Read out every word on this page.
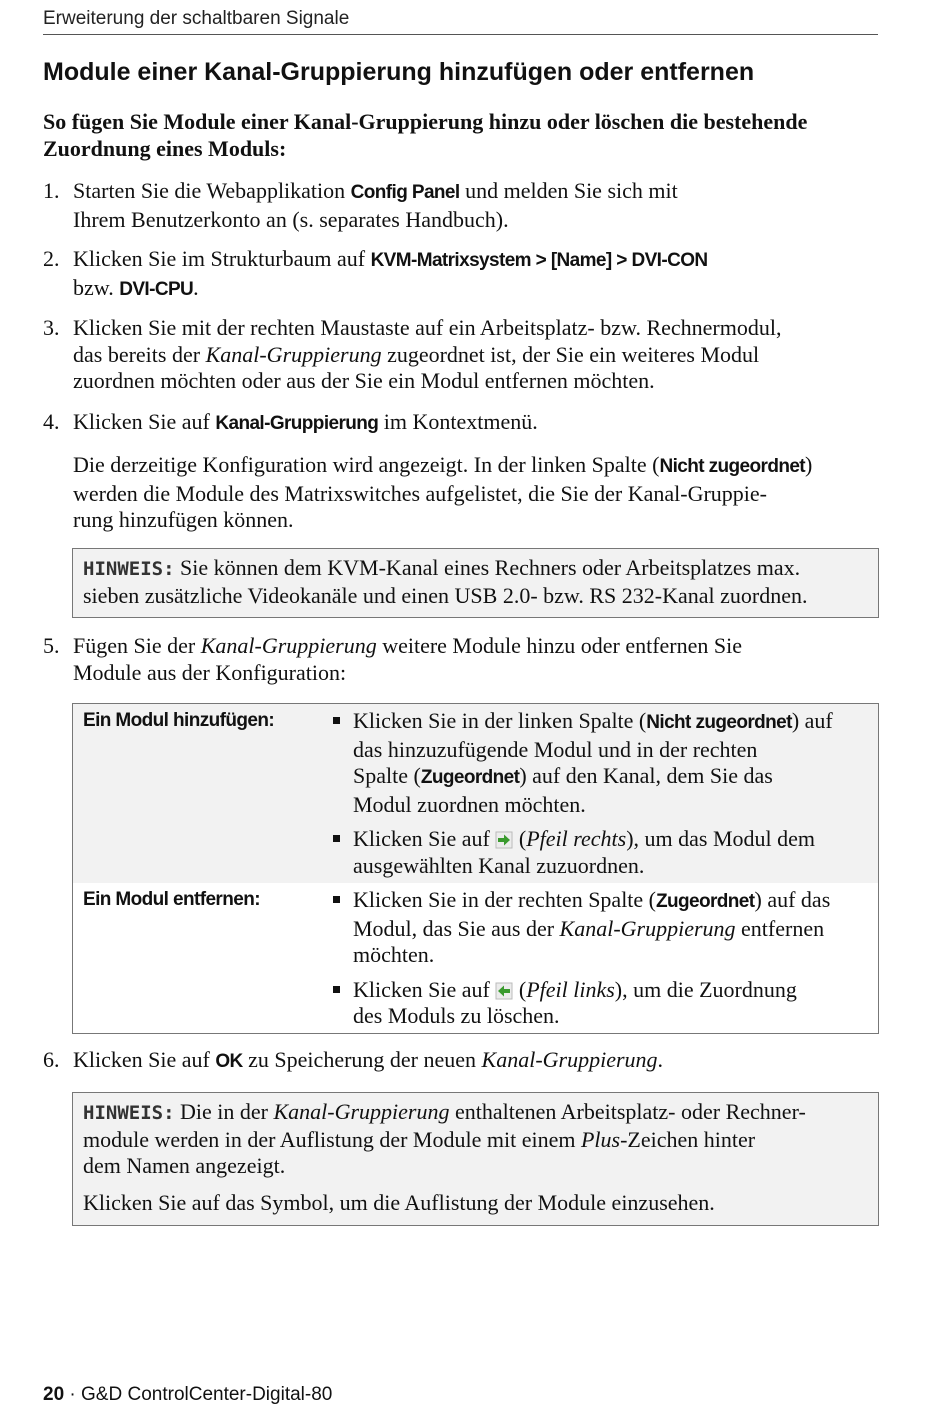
Erweiterung der schaltbaren Signale
Module einer Kanal-Gruppierung hinzufügen oder entfernen
So fügen Sie Module einer Kanal-Gruppierung hinzu oder löschen die bestehende Zuordnung eines Moduls:
1. Starten Sie die Webapplikation Config Panel und melden Sie sich mit
Ihrem Benutzerkonto an (s. separates Handbuch).
2. Klicken Sie im Strukturbaum auf KVM-Matrixsystem > [Name] > DVI-CON
bzw. DVI-CPU.
3. Klicken Sie mit der rechten Maustaste auf ein Arbeitsplatz- bzw. Rechnermodul,
das bereits der Kanal-Gruppierung zugeordnet ist, der Sie ein weiteres Modul
zuordnen möchten oder aus der Sie ein Modul entfernen möchten.
4. Klicken Sie auf Kanal-Gruppierung im Kontextmenü.
Die derzeitige Konfiguration wird angezeigt. In der linken Spalte (Nicht zugeordnet)
werden die Module des Matrixswitches aufgelistet, die Sie der Kanal-Gruppie-
rung hinzufügen können.
HINWEIS: Sie können dem KVM-Kanal eines Rechners oder Arbeitsplatzes max.
sieben zusätzliche Videokanäle und einen USB 2.0- bzw. RS 232-Kanal zuordnen.
5. Fügen Sie der Kanal-Gruppierung weitere Module hinzu oder entfernen Sie
Module aus der Konfiguration:
Ein Modul hinzufügen:	Klicken Sie in der linken Spalte (Nicht zugeordnet) auf
das hinzuzufügende Modul und in der rechten
Spalte (Zugeordnet) auf den Kanal, dem Sie das
Modul zuordnen möchten.
Klicken Sie auf  (Pfeil rechts), um das Modul dem
ausgewählten Kanal zuzuordnen.
Ein Modul entfernen:	Klicken Sie in der rechten Spalte (Zugeordnet) auf das
Modul, das Sie aus der Kanal-Gruppierung entfernen
möchten.
Klicken Sie auf  (Pfeil links), um die Zuordnung
des Moduls zu löschen.
6. Klicken Sie auf OK zu Speicherung der neuen Kanal-Gruppierung.
HINWEIS: Die in der Kanal-Gruppierung enthaltenen Arbeitsplatz- oder Rechner-
module werden in der Auflistung der Module mit einem Plus-Zeichen hinter
dem Namen angezeigt.
Klicken Sie auf das Symbol, um die Auflistung der Module einzusehen.
20 · G&D ControlCenter-Digital-80
